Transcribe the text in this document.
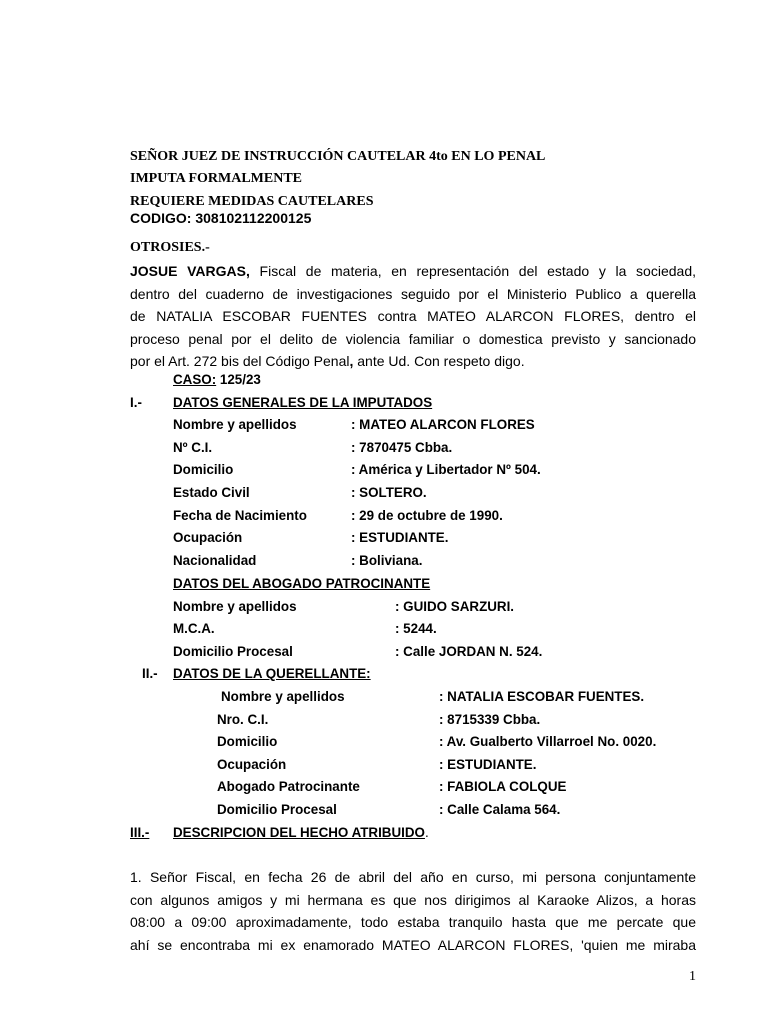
SEÑOR JUEZ DE INSTRUCCIÓN CAUTELAR 4to EN LO PENAL
IMPUTA FORMALMENTE
REQUIERE MEDIDAS CAUTELARES
CODIGO: 308102112200125
OTROSIES.-
JOSUE VARGAS, Fiscal de materia, en representación del estado y la sociedad,
dentro del cuaderno de investigaciones seguido por el Ministerio Publico a querella
de NATALIA ESCOBAR FUENTES contra MATEO ALARCON FLORES, dentro el
proceso penal por el delito de violencia familiar o domestica previsto y sancionado
por el Art. 272 bis del Código Penal, ante Ud. Con respeto digo.
CASO: 125/23
I.- DATOS GENERALES DE LA IMPUTADOS
Nombre y apellidos	: MATEO ALARCON FLORES
Nº C.I.	: 7870475 Cbba.
Domicilio	: América y Libertador Nº 504.
Estado Civil	: SOLTERO.
Fecha de Nacimiento	: 29 de octubre de 1990.
Ocupación	: ESTUDIANTE.
Nacionalidad	: Boliviana.
DATOS DEL ABOGADO PATROCINANTE
Nombre y apellidos	: GUIDO SARZURI.
M.C.A.	: 5244.
Domicilio Procesal	: Calle JORDAN N. 524.
II.- DATOS DE LA QUERELLANTE:
Nombre y apellidos	: NATALIA ESCOBAR FUENTES.
Nro. C.I.	: 8715339 Cbba.
Domicilio	: Av. Gualberto Villarroel No. 0020.
Ocupación	: ESTUDIANTE.
Abogado Patrocinante	: FABIOLA COLQUE
Domicilio Procesal	: Calle Calama 564.
III.- DESCRIPCION DEL HECHO ATRIBUIDO.
1. Señor Fiscal, en fecha 26 de abril del año en curso, mi persona conjuntamente
con algunos amigos y mi hermana es que nos dirigimos al Karaoke Alizos, a horas
08:00 a 09:00 aproximadamente, todo estaba tranquilo hasta que me percate que
ahí se encontraba mi ex enamorado MATEO ALARCON FLORES, 'quien me miraba
1
